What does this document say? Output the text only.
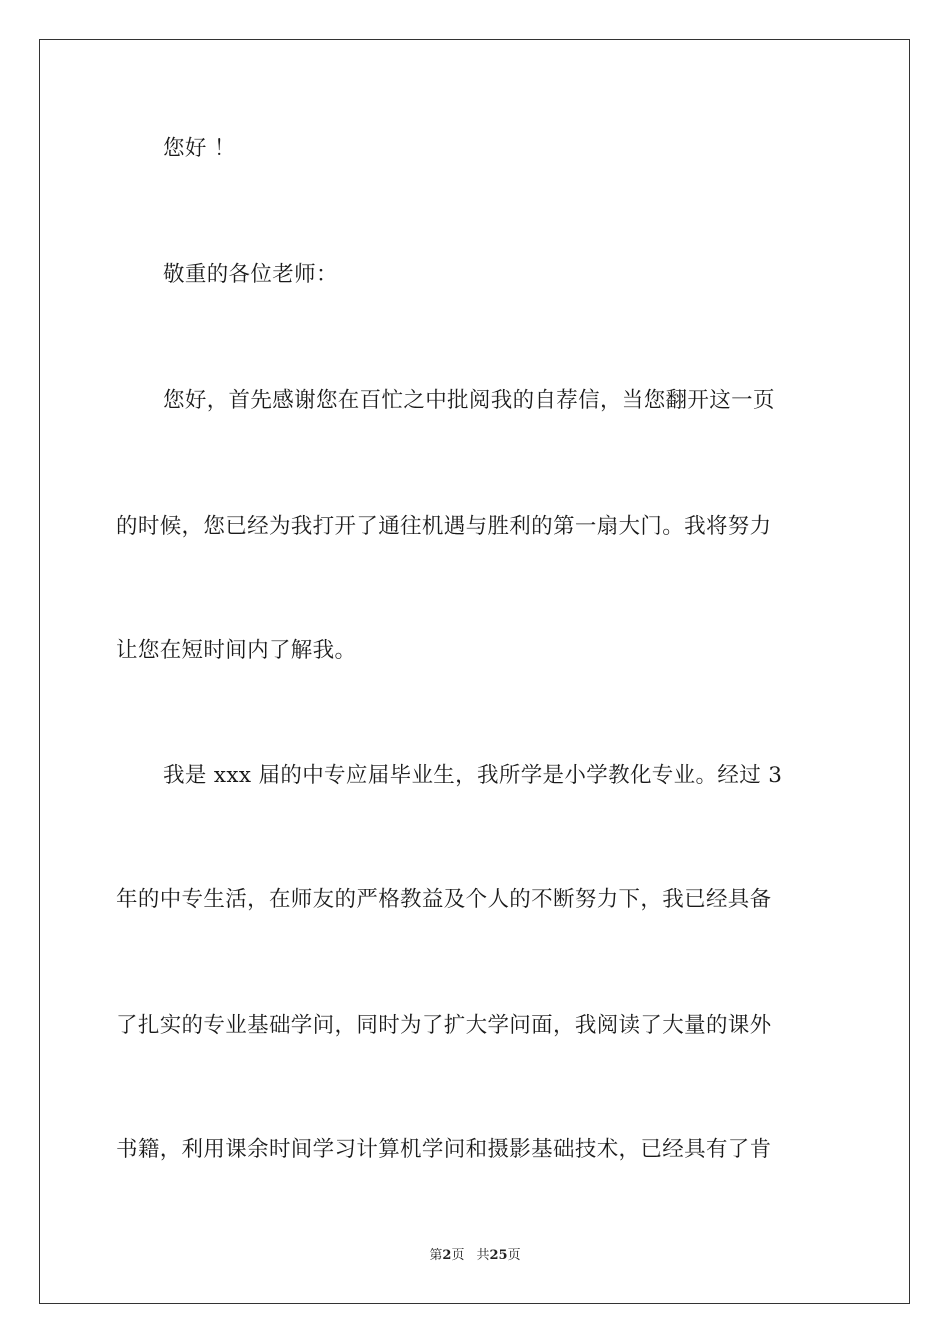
您好 ！
敬重的各位老师：
您好，首先感谢您在百忙之中批阅我的自荐信，当您翻开这一页
的时候，您已经为我打开了通往机遇与胜利的第一扇大门。我将努力
让您在短时间内了解我。
我是 xxx 届的中专应届毕业生，我所学是小学教化专业。经过 3
年的中专生活，在师友的严格教益及个人的不断努力下，我已经具备
了扎实的专业基础学问，同时为了扩大学问面，我阅读了大量的课外
书籍，利用课余时间学习计算机学问和摄影基础技术，已经具有了肯
第2页 共25页
